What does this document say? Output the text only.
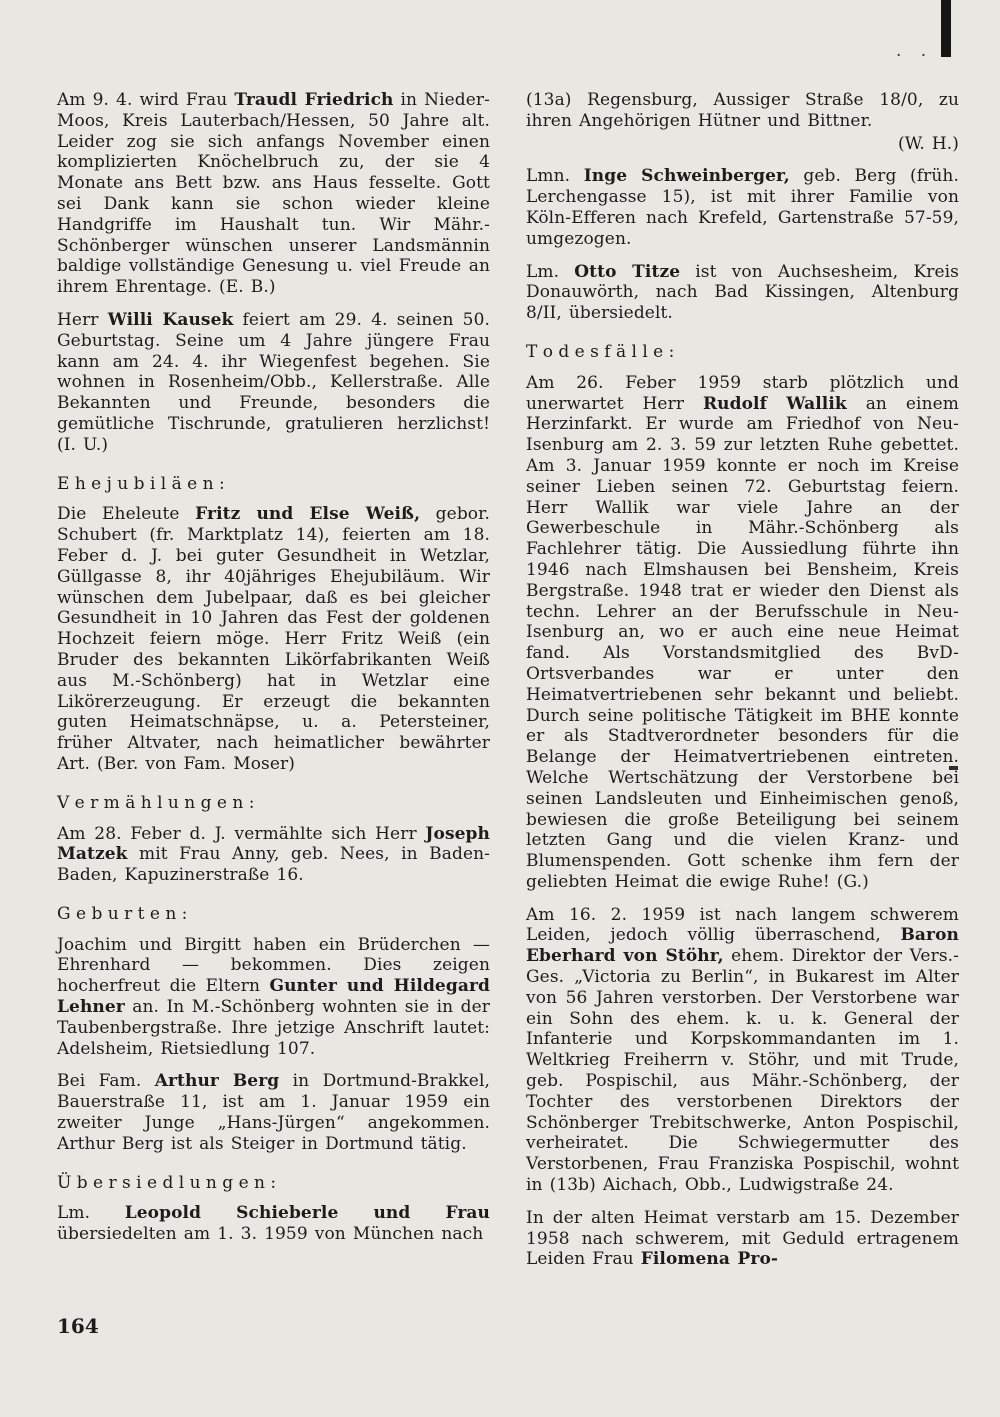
· ·

Am 9. 4. wird Frau Traudl Friedrich in Nieder-Moos, Kreis Lauterbach/Hessen, 50 Jahre alt. Leider zog sie sich anfangs November einen komplizierten Knöchelbruch zu, der sie 4 Monate ans Bett bzw. ans Haus fesselte. Gott sei Dank kann sie schon wieder kleine Handgriffe im Haushalt tun. Wir Mähr.-Schönberger wünschen unserer Landsmännin baldige vollständige Genesung u. viel Freude an ihrem Ehrentage. (E. B.)

Herr Willi Kausek feiert am 29. 4. seinen 50. Geburtstag. Seine um 4 Jahre jüngere Frau kann am 24. 4. ihr Wiegenfest begehen. Sie wohnen in Rosenheim/Obb., Kellerstraße. Alle Bekannten und Freunde, besonders die gemütliche Tischrunde, gratulieren herzlichst! (I. U.)

E h e j u b i l ä e n :

Die Eheleute Fritz und Else Weiß, gebor. Schubert (fr. Marktplatz 14), feierten am 18. Feber d. J. bei guter Gesundheit in Wetzlar, Güllgasse 8, ihr 40jähriges Ehejubiläum. Wir wünschen dem Jubelpaar, daß es bei gleicher Gesundheit in 10 Jahren das Fest der goldenen Hochzeit feiern möge. Herr Fritz Weiß (ein Bruder des bekannten Likörfabrikanten Weiß aus M.-Schönberg) hat in Wetzlar eine Likörerzeugung. Er erzeugt die bekannten guten Heimatschnäpse, u. a. Petersteiner, früher Altvater, nach heimatlicher bewährter Art. (Ber. von Fam. Moser)

V e r m ä h l u n g e n :

Am 28. Feber d. J. vermählte sich Herr Joseph Matzek mit Frau Anny, geb. Nees, in Baden-Baden, Kapuzinerstraße 16.

G e b u r t e n :

Joachim und Birgitt haben ein Brüderchen — Ehrenhard — bekommen. Dies zeigen hocherfreut die Eltern Gunter und Hildegard Lehner an. In M.-Schönberg wohnten sie in der Taubenbergstraße. Ihre jetzige Anschrift lautet: Adelsheim, Rietsiedlung 107.

Bei Fam. Arthur Berg in Dortmund-Brakkel, Bauerstraße 11, ist am 1. Januar 1959 ein zweiter Junge „Hans-Jürgen“ angekommen. Arthur Berg ist als Steiger in Dortmund tätig.

Ü b e r s i e d l u n g e n :

Lm. Leopold Schieberle und Frau übersiedelten am 1. 3. 1959 von München nach

(13a) Regensburg, Aussiger Straße 18/0, zu ihren Angehörigen Hütner und Bittner.

(W. H.)

Lmn. Inge Schweinberger, geb. Berg (früh. Lerchengasse 15), ist mit ihrer Familie von Köln-Efferen nach Krefeld, Gartenstraße 57-59, umgezogen.

Lm. Otto Titze ist von Auchsesheim, Kreis Donauwörth, nach Bad Kissingen, Altenburg 8/II, übersiedelt.

T o d e s f ä l l e :

Am 26. Feber 1959 starb plötzlich und unerwartet Herr Rudolf Wallik an einem Herzinfarkt. Er wurde am Friedhof von Neu-Isenburg am 2. 3. 59 zur letzten Ruhe gebettet. Am 3. Januar 1959 konnte er noch im Kreise seiner Lieben seinen 72. Geburtstag feiern. Herr Wallik war viele Jahre an der Gewerbeschule in Mähr.-Schönberg als Fachlehrer tätig. Die Aussiedlung führte ihn 1946 nach Elmshausen bei Bensheim, Kreis Bergstraße. 1948 trat er wieder den Dienst als techn. Lehrer an der Berufsschule in Neu-Isenburg an, wo er auch eine neue Heimat fand. Als Vorstandsmitglied des BvD-Ortsverbandes war er unter den Heimatvertriebenen sehr bekannt und beliebt. Durch seine politische Tätigkeit im BHE konnte er als Stadtverordneter besonders für die Belange der Heimatvertriebenen eintreten. Welche Wertschätzung der Verstorbene bei seinen Landsleuten und Einheimischen genoß, bewiesen die große Beteiligung bei seinem letzten Gang und die vielen Kranz- und Blumenspenden. Gott schenke ihm fern der geliebten Heimat die ewige Ruhe! (G.)

Am 16. 2. 1959 ist nach langem schwerem Leiden, jedoch völlig überraschend, Baron Eberhard von Stöhr, ehem. Direktor der Vers.-Ges. „Victoria zu Berlin“, in Bukarest im Alter von 56 Jahren verstorben. Der Verstorbene war ein Sohn des ehem. k. u. k. General der Infanterie und Korpskommandanten im 1. Weltkrieg Freiherrn v. Stöhr, und mit Trude, geb. Pospischil, aus Mähr.-Schönberg, der Tochter des verstorbenen Direktors der Schönberger Trebitschwerke, Anton Pospischil, verheiratet. Die Schwiegermutter des Verstorbenen, Frau Franziska Pospischil, wohnt in (13b) Aichach, Obb., Ludwigstraße 24.

In der alten Heimat verstarb am 15. Dezember 1958 nach schwerem, mit Geduld ertragenem Leiden Frau Filomena Pro-

164
